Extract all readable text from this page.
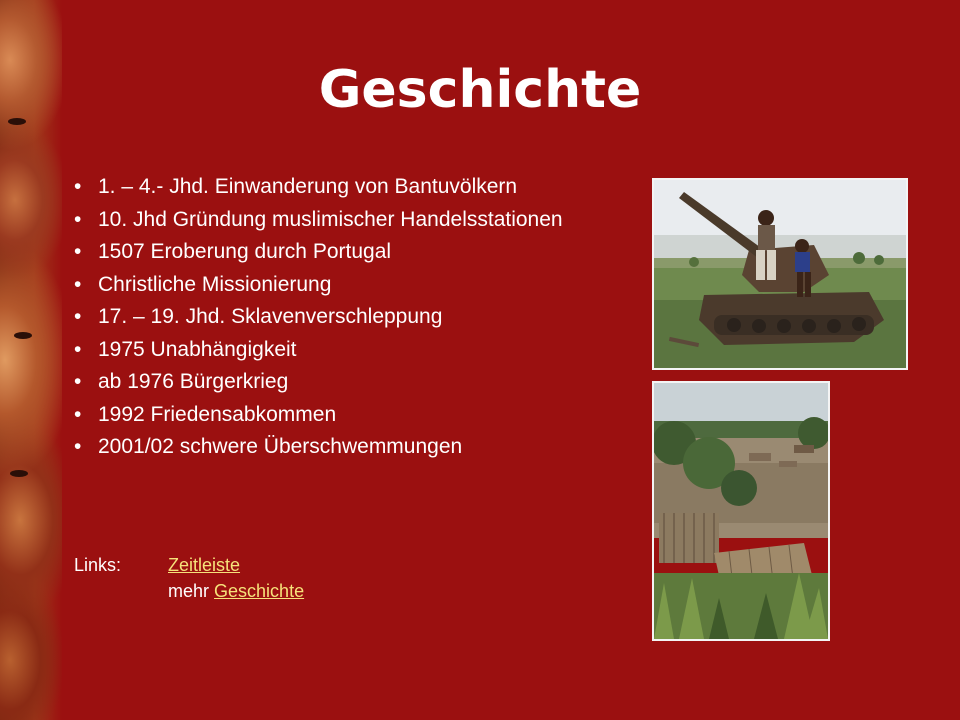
Geschichte
• 1. – 4.- Jhd. Einwanderung von Bantuvölkern
• 10. Jhd Gründung muslimischer Handelsstationen
• 1507 Eroberung durch Portugal
• Christliche Missionierung
• 17. – 19. Jhd. Sklavenverschleppung
• 1975 Unabhängigkeit
• ab 1976 Bürgerkrieg
• 1992 Friedensabkommen
• 2001/02 schwere Überschwemmungen
Links:	Zeitleiste
mehr
Geschichte
